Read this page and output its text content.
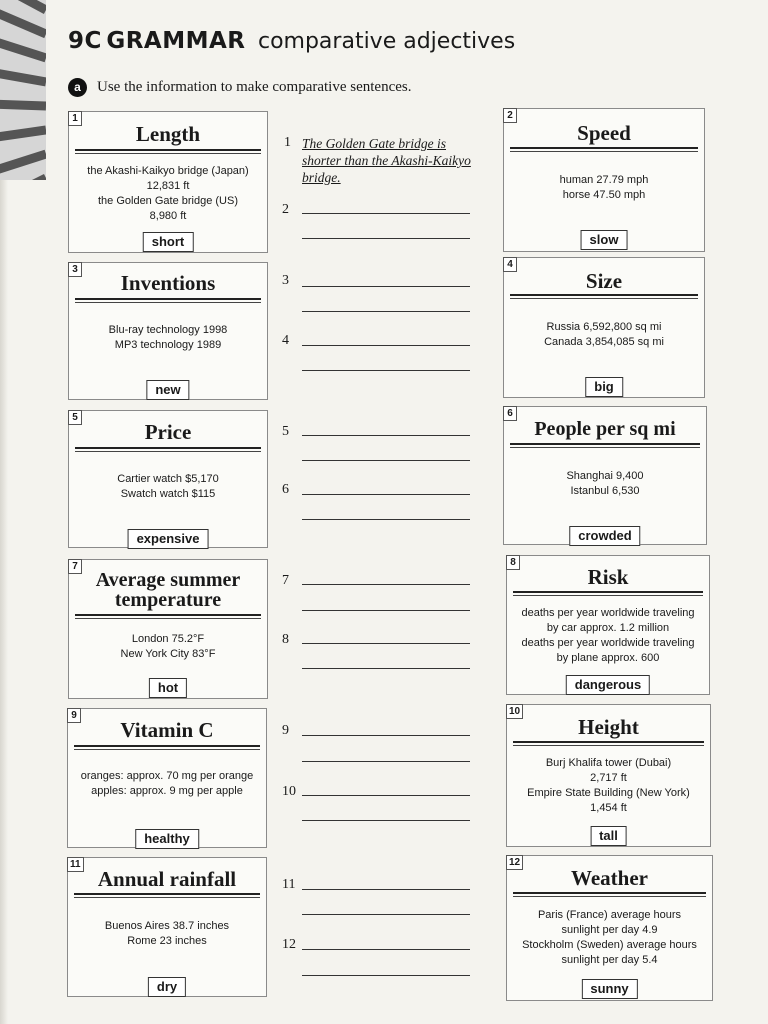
9C GRAMMAR comparative adjectives
a	Use the information to make comparative sentences.
1 The Golden Gate bridge is shorter than the Akashi-Kaikyo bridge.
2
3
4
5
6
7
8
9
10
11
12
1
Length
the Akashi-Kaikyo bridge (Japan)
12,831 ft
the Golden Gate bridge (US)
8,980 ft
short
2
Speed
human 27.79 mph
horse 47.50 mph
slow
3
Inventions
Blu-ray technology 1998
MP3 technology 1989
new
4
Size
Russia 6,592,800 sq mi
Canada 3,854,085 sq mi
big
5
Price
Cartier watch $5,170
Swatch watch $115
expensive
6
People per sq mi
Shanghai 9,400
Istanbul 6,530
crowded
7
Average summer
temperature
London 75.2°F
New York City 83°F
hot
8
Risk
deaths per year worldwide traveling
by car approx. 1.2 million
deaths per year worldwide traveling
by plane approx. 600
dangerous
9
Vitamin C
oranges: approx. 70 mg per orange
apples: approx. 9 mg per apple
healthy
10
Height
Burj Khalifa tower (Dubai)
2,717 ft
Empire State Building (New York)
1,454 ft
tall
11
Annual rainfall
Buenos Aires 38.7 inches
Rome 23 inches
dry
12
Weather
Paris (France) average hours
sunlight per day 4.9
Stockholm (Sweden) average hours
sunlight per day 5.4
sunny
